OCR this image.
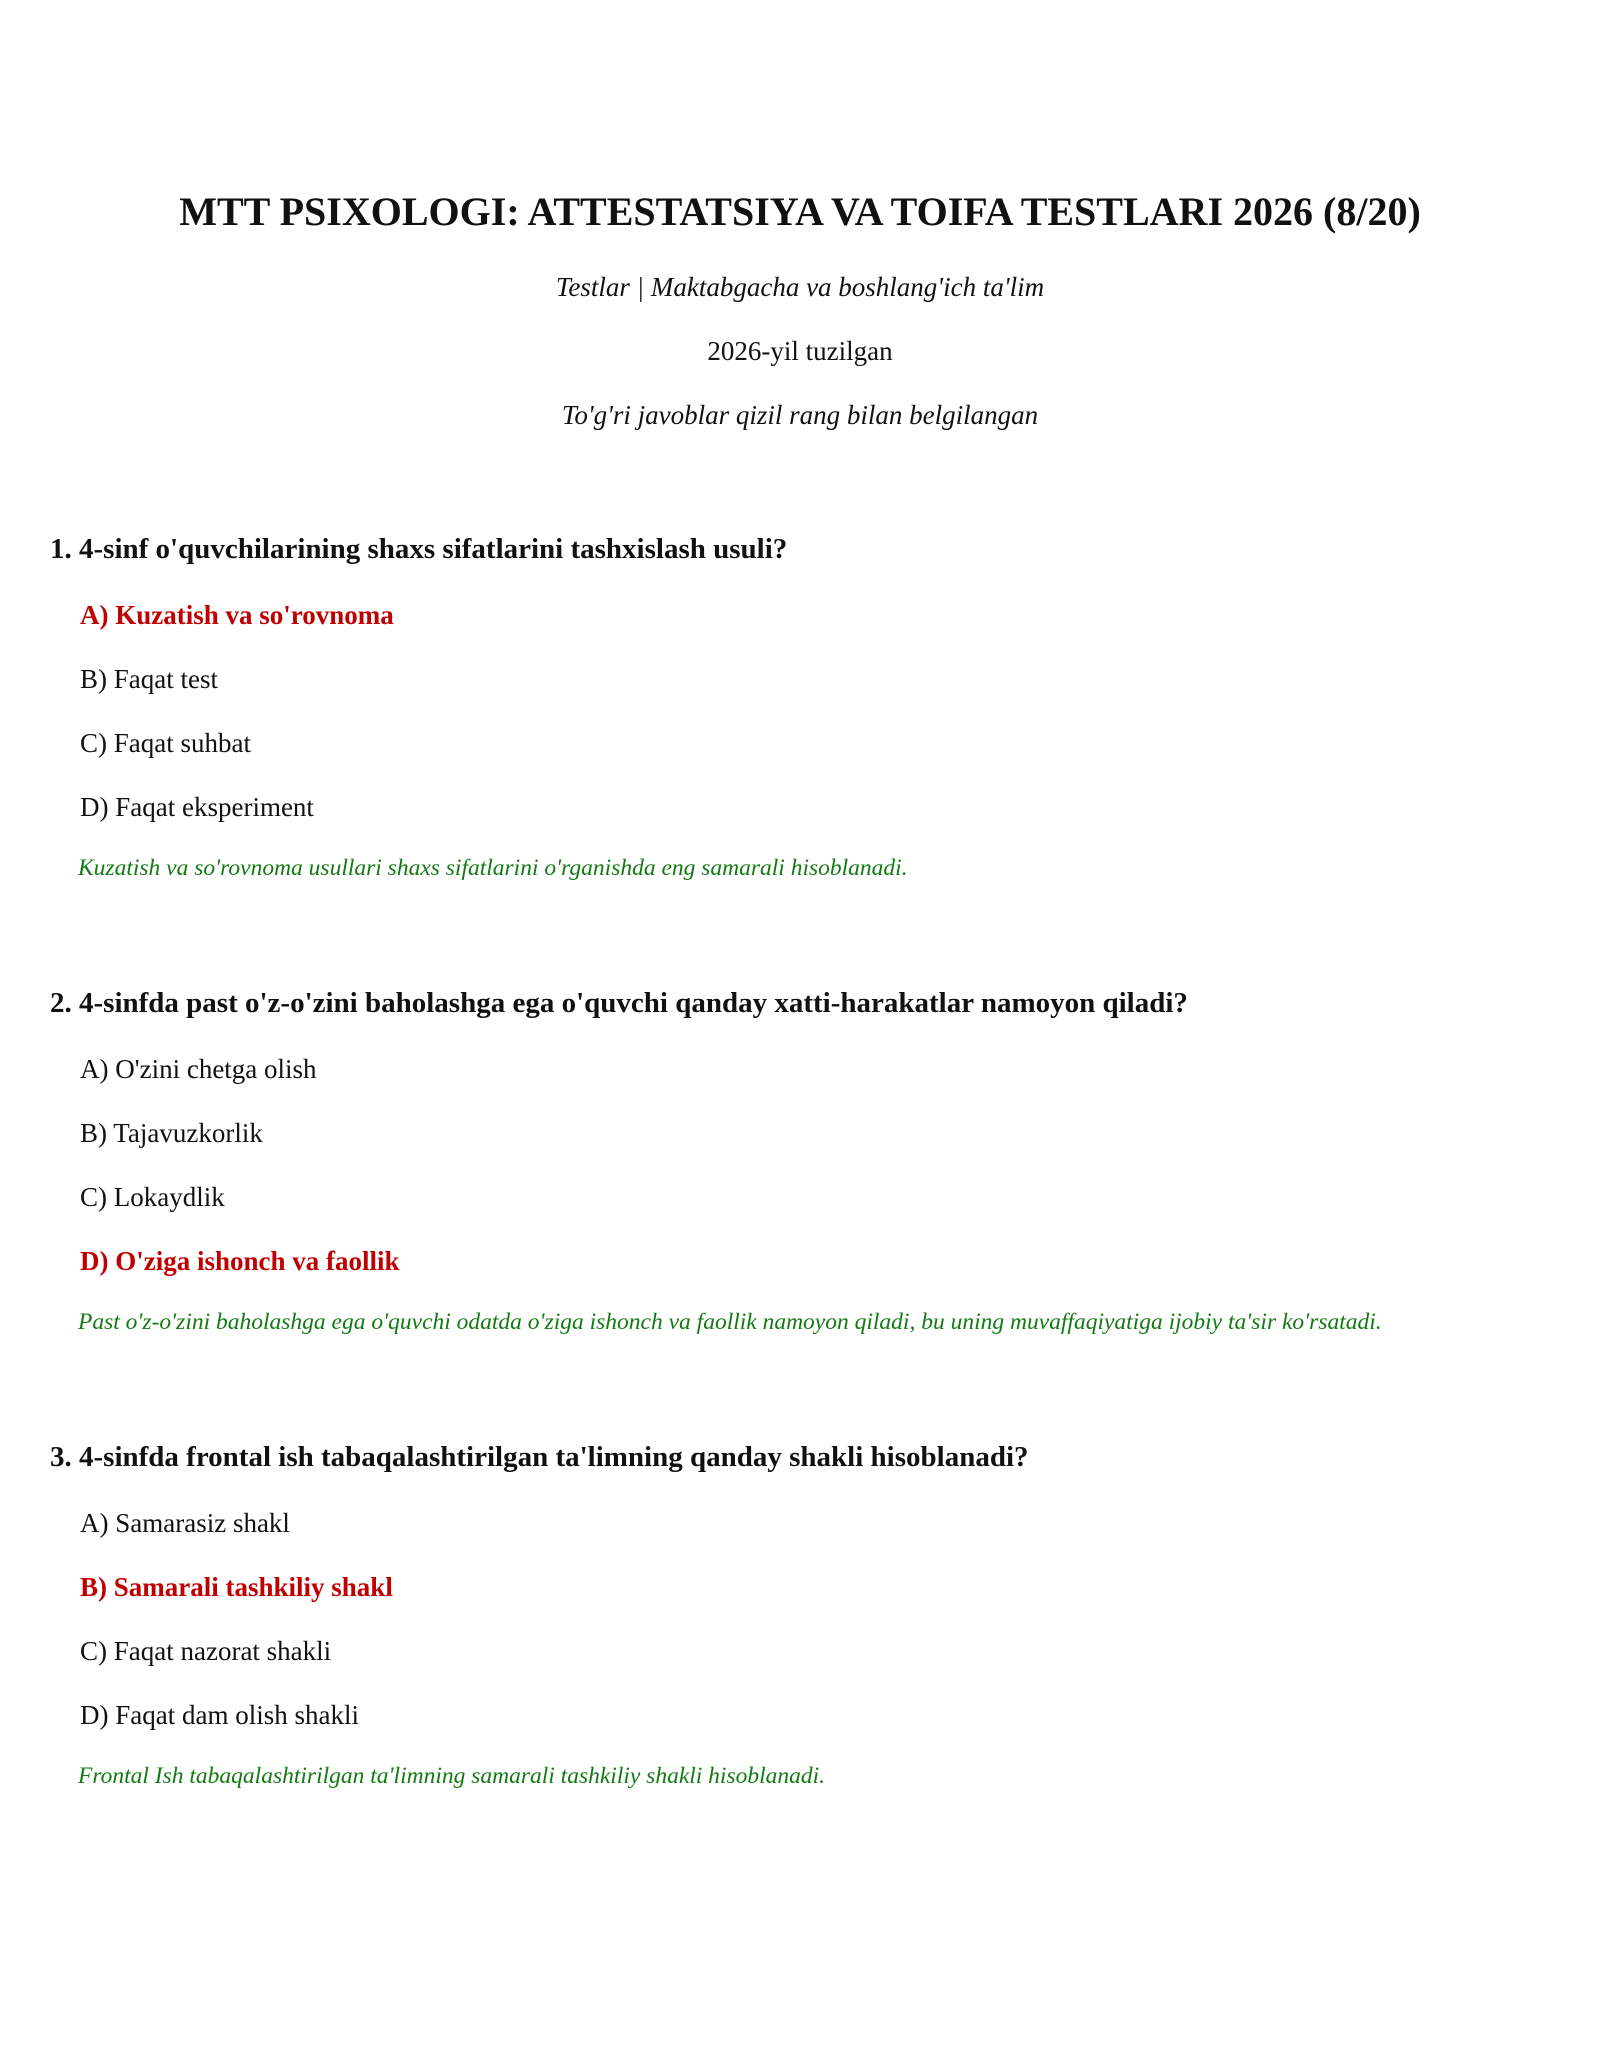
MTT PSIXOLOGI: ATTESTATSIYA VA TOIFA TESTLARI 2026 (8/20)
Testlar | Maktabgacha va boshlang'ich ta'lim
2026-yil tuzilgan
To'g'ri javoblar qizil rang bilan belgilangan
1. 4-sinf o'quvchilarining shaxs sifatlarini tashxislash usuli?
A) Kuzatish va so'rovnoma
B) Faqat test
C) Faqat suhbat
D) Faqat eksperiment
Kuzatish va so'rovnoma usullari shaxs sifatlarini o'rganishda eng samarali hisoblanadi.
2. 4-sinfda past o'z-o'zini baholashga ega o'quvchi qanday xatti-harakatlar namoyon qiladi?
A) O'zini chetga olish
B) Tajavuzkorlik
C) Lokaydlik
D) O'ziga ishonch va faollik
Past o'z-o'zini baholashga ega o'quvchi odatda o'ziga ishonch va faollik namoyon qiladi, bu uning muvaffaqiyatiga ijobiy ta'sir ko'rsatadi.
3. 4-sinfda frontal ish tabaqalashtirilgan ta'limning qanday shakli hisoblanadi?
A) Samarasiz shakl
B) Samarali tashkiliy shakl
C) Faqat nazorat shakli
D) Faqat dam olish shakli
Frontal Ish tabaqalashtirilgan ta'limning samarali tashkiliy shakli hisoblanadi.
